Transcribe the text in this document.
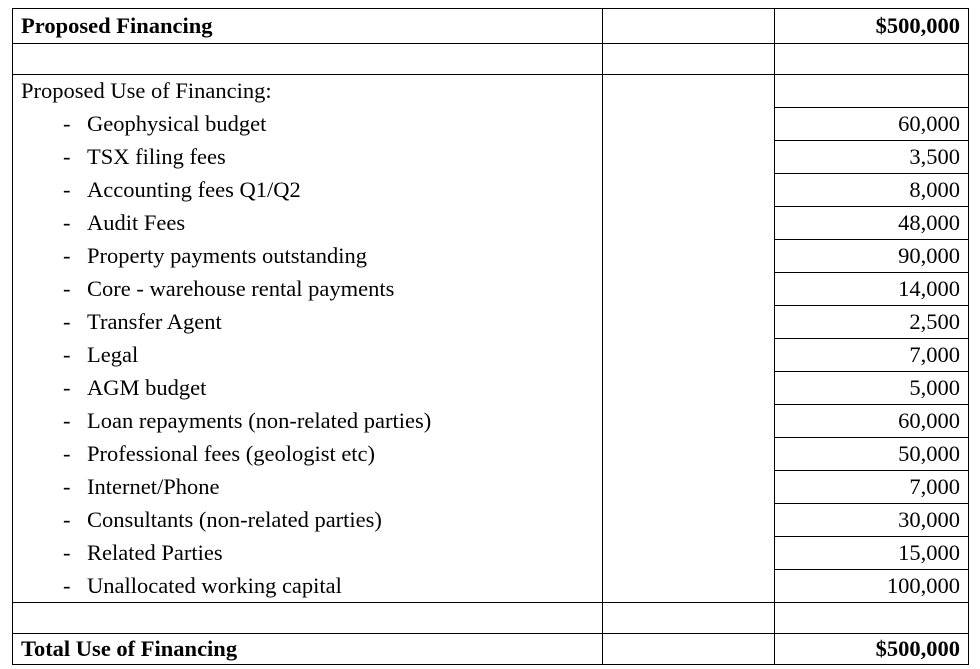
Proposed Financing		$500,000

Proposed Use of Financing:		
- Geophysical budget		60,000
- TSX filing fees		3,500
- Accounting fees Q1/Q2		8,000
- Audit Fees		48,000
- Property payments outstanding		90,000
- Core - warehouse rental payments		14,000
- Transfer Agent		2,500
- Legal		7,000
- AGM budget		5,000
- Loan repayments (non-related parties)		60,000
- Professional fees (geologist etc)		50,000
- Internet/Phone		7,000
- Consultants (non-related parties)		30,000
- Related Parties		15,000
- Unallocated working capital		100,000

Total Use of Financing		$500,000
